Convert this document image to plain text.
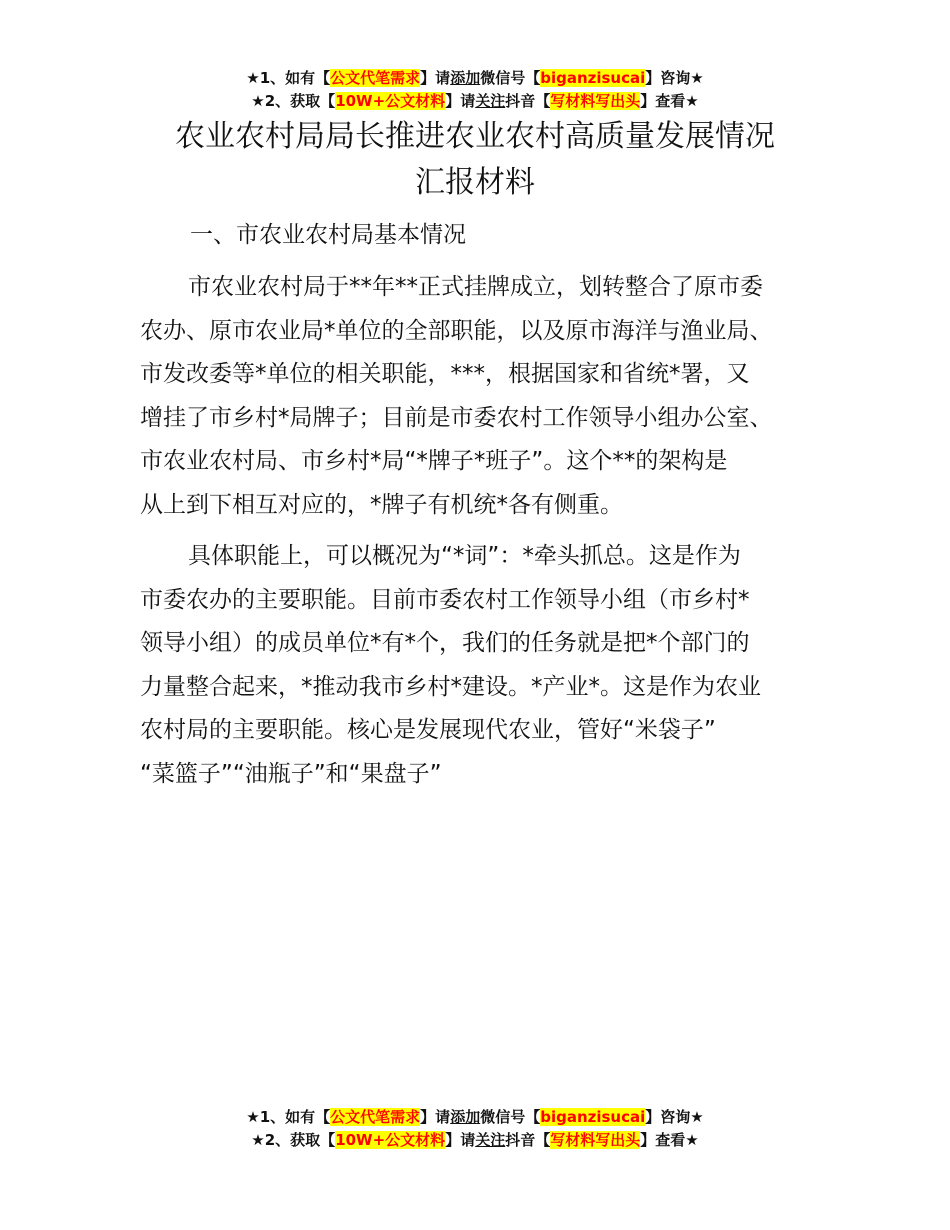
★1、如有【公文代笔需求】请添加微信号【biganzisucai】咨询★
★2、获取【10W+公文材料】请关注抖音【写材料写出头】查看★
农业农村局局长推进农业农村高质量发展情况
汇报材料
一、市农业农村局基本情况
市农业农村局于**年**正式挂牌成立，划转整合了原市委
农办、原市农业局*单位的全部职能，以及原市海洋与渔业局、
市发改委等*单位的相关职能，***，根据国家和省统*署，又
增挂了市乡村*局牌子；目前是市委农村工作领导小组办公室、
市农业农村局、市乡村*局“*牌子*班子”。这个**的架构是
从上到下相互对应的，*牌子有机统*各有侧重。
具体职能上，可以概况为“*词”：*牵头抓总。这是作为
市委农办的主要职能。目前市委农村工作领导小组（市乡村*
领导小组）的成员单位*有*个，我们的任务就是把*个部门的
力量整合起来，*推动我市乡村*建设。*产业*。这是作为农业
农村局的主要职能。核心是发展现代农业，管好“米袋子”
“菜篮子”“油瓶子”和“果盘子”
★1、如有【公文代笔需求】请添加微信号【biganzisucai】咨询★
★2、获取【10W+公文材料】请关注抖音【写材料写出头】查看★
